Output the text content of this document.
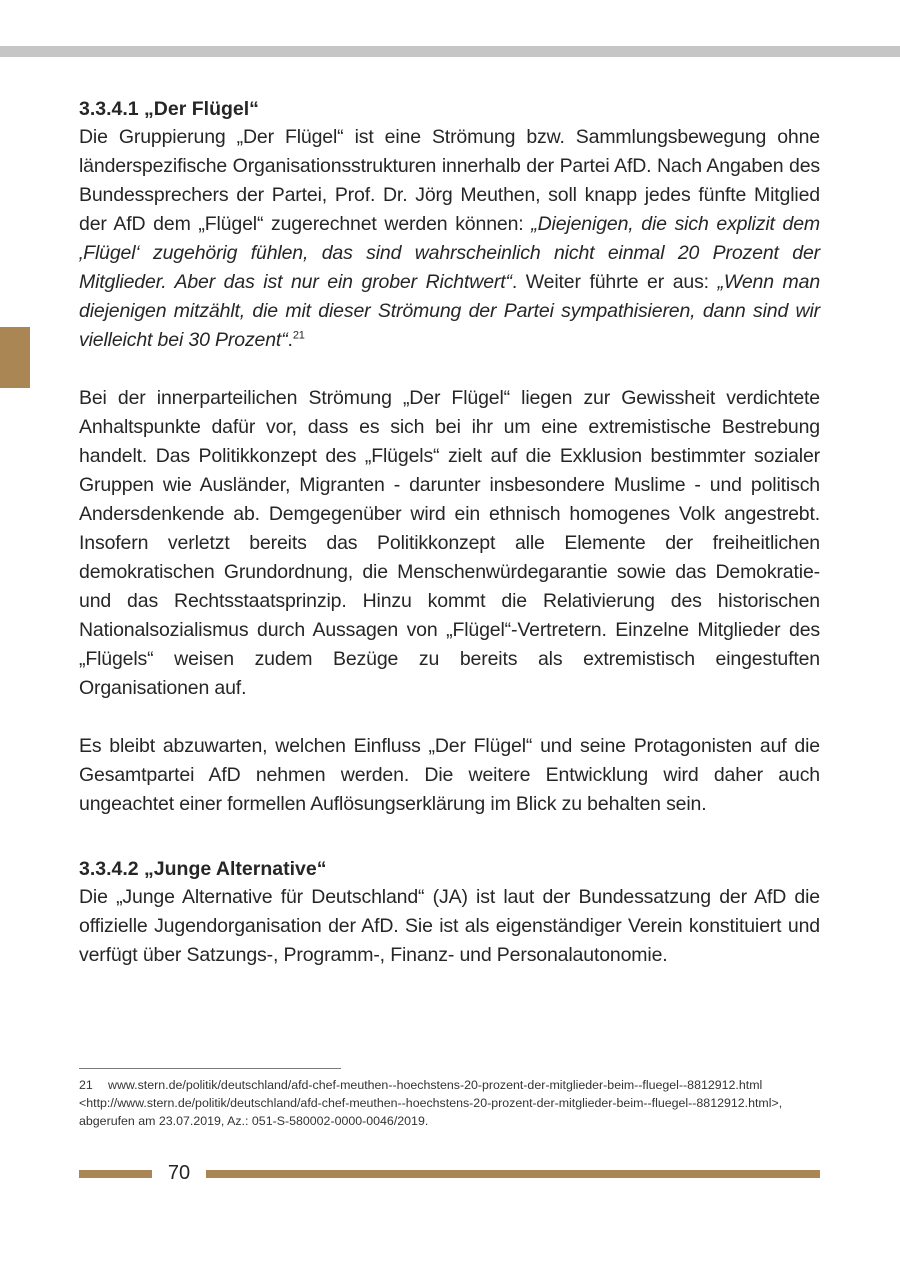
3.3.4.1 „Der Flügel“

Die Gruppierung „Der Flügel“ ist eine Strömung bzw. Sammlungsbewegung ohne länderspezifische Organisationsstrukturen innerhalb der Partei AfD. Nach Angaben des Bundessprechers der Partei, Prof. Dr. Jörg Meuthen, soll knapp jedes fünfte Mitglied der AfD dem „Flügel“ zugerechnet werden können: „Diejenigen, die sich explizit dem ‚Flügel‘ zugehörig fühlen, das sind wahrscheinlich nicht einmal 20 Prozent der Mitglieder. Aber das ist nur ein grober Richtwert“. Weiter führte er aus: „Wenn man diejenigen mitzählt, die mit dieser Strömung der Partei sympathisieren, dann sind wir vielleicht bei 30 Prozent“.$^{21}$

Bei der innerparteilichen Strömung „Der Flügel“ liegen zur Gewissheit verdichtete Anhaltspunkte dafür vor, dass es sich bei ihr um eine extremistische Bestrebung handelt. Das Politikkonzept des „Flügels“ zielt auf die Exklusion bestimmter sozialer Gruppen wie Ausländer, Migranten - darunter insbesondere Muslime - und politisch Andersdenkende ab. Demgegenüber wird ein ethnisch homogenes Volk angestrebt. Insofern verletzt bereits das Politikkonzept alle Elemente der freiheitlichen demokratischen Grundordnung, die Menschenwürdegarantie sowie das Demokratie- und das Rechtsstaatsprinzip. Hinzu kommt die Relativierung des historischen Nationalsozialismus durch Aussagen von „Flügel“-Vertretern. Einzelne Mitglieder des „Flügels“ weisen zudem Bezüge zu bereits als extremistisch eingestuften Organisationen auf.

Es bleibt abzuwarten, welchen Einfluss „Der Flügel“ und seine Protagonisten auf die Gesamtpartei AfD nehmen werden. Die weitere Entwicklung wird daher auch ungeachtet einer formellen Auflösungserklärung im Blick zu behalten sein.

3.3.4.2 „Junge Alternative“

Die „Junge Alternative für Deutschland“ (JA) ist laut der Bundessatzung der AfD die offizielle Jugendorganisation der AfD. Sie ist als eigenständiger Verein konstituiert und verfügt über Satzungs-, Programm-, Finanz- und Personalautonomie.

21 www.stern.de/politik/deutschland/afd-chef-meuthen--hoechstens-20-prozent-der-mitglieder-beim--fluegel--8812912.html <http://www.stern.de/politik/deutschland/afd-chef-meuthen--hoechstens-20-prozent-der-mitglieder-beim--fluegel--8812912.html>, abgerufen am 23.07.2019, Az.: 051-S-580002-0000-0046/2019.
70
